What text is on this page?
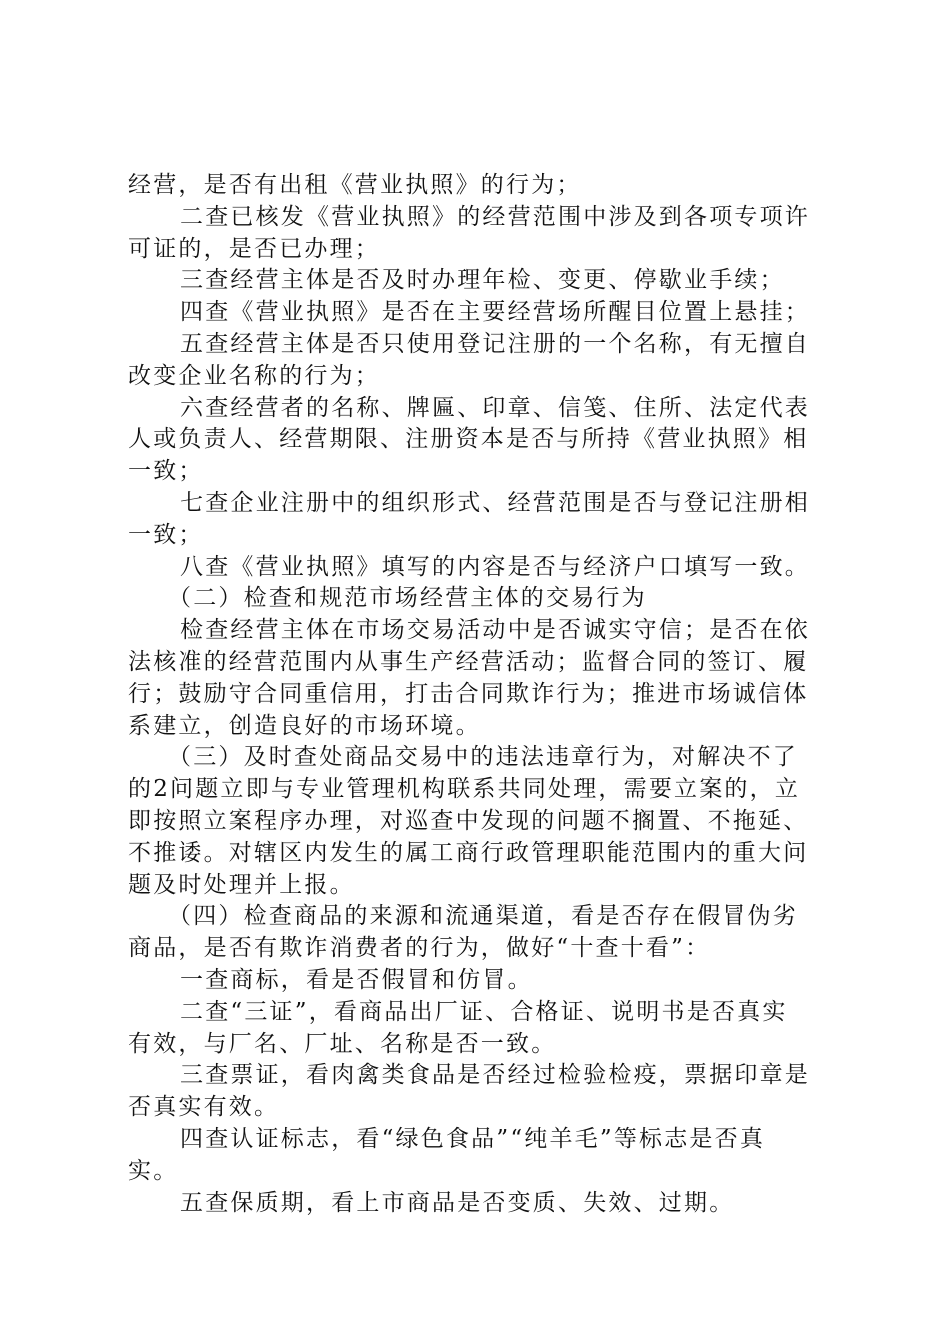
经营，是否有出租《营业执照》的行为；

二查已核发《营业执照》的经营范围中涉及到各项专项许
可证的，是否已办理；

三查经营主体是否及时办理年检、变更、停歇业手续；

四查《营业执照》是否在主要经营场所醒目位置上悬挂；

五查经营主体是否只使用登记注册的一个名称，有无擅自
改变企业名称的行为；

六查经营者的名称、牌匾、印章、信笺、住所、法定代表
人或负责人、经营期限、注册资本是否与所持《营业执照》相
一致；

七查企业注册中的组织形式、经营范围是否与登记注册相
一致；

八查《营业执照》填写的内容是否与经济户口填写一致。

（二）检查和规范市场经营主体的交易行为

检查经营主体在市场交易活动中是否诚实守信；是否在依
法核准的经营范围内从事生产经营活动；监督合同的签订、履
行；鼓励守合同重信用，打击合同欺诈行为；推进市场诚信体
系建立，创造良好的市场环境。

（三）及时查处商品交易中的违法违章行为，对解决不了
的2问题立即与专业管理机构联系共同处理，需要立案的，立
即按照立案程序办理，对巡查中发现的问题不搁置、不拖延、
不推诿。对辖区内发生的属工商行政管理职能范围内的重大问
题及时处理并上报。

（四）检查商品的来源和流通渠道，看是否存在假冒伪劣
商品，是否有欺诈消费者的行为，做好“十查十看”：

一查商标，看是否假冒和仿冒。

二查“三证”，看商品出厂证、合格证、说明书是否真实
有效，与厂名、厂址、名称是否一致。

三查票证，看肉禽类食品是否经过检验检疫，票据印章是
否真实有效。

四查认证标志，看“绿色食品”“纯羊毛”等标志是否真
实。

五查保质期，看上市商品是否变质、失效、过期。
